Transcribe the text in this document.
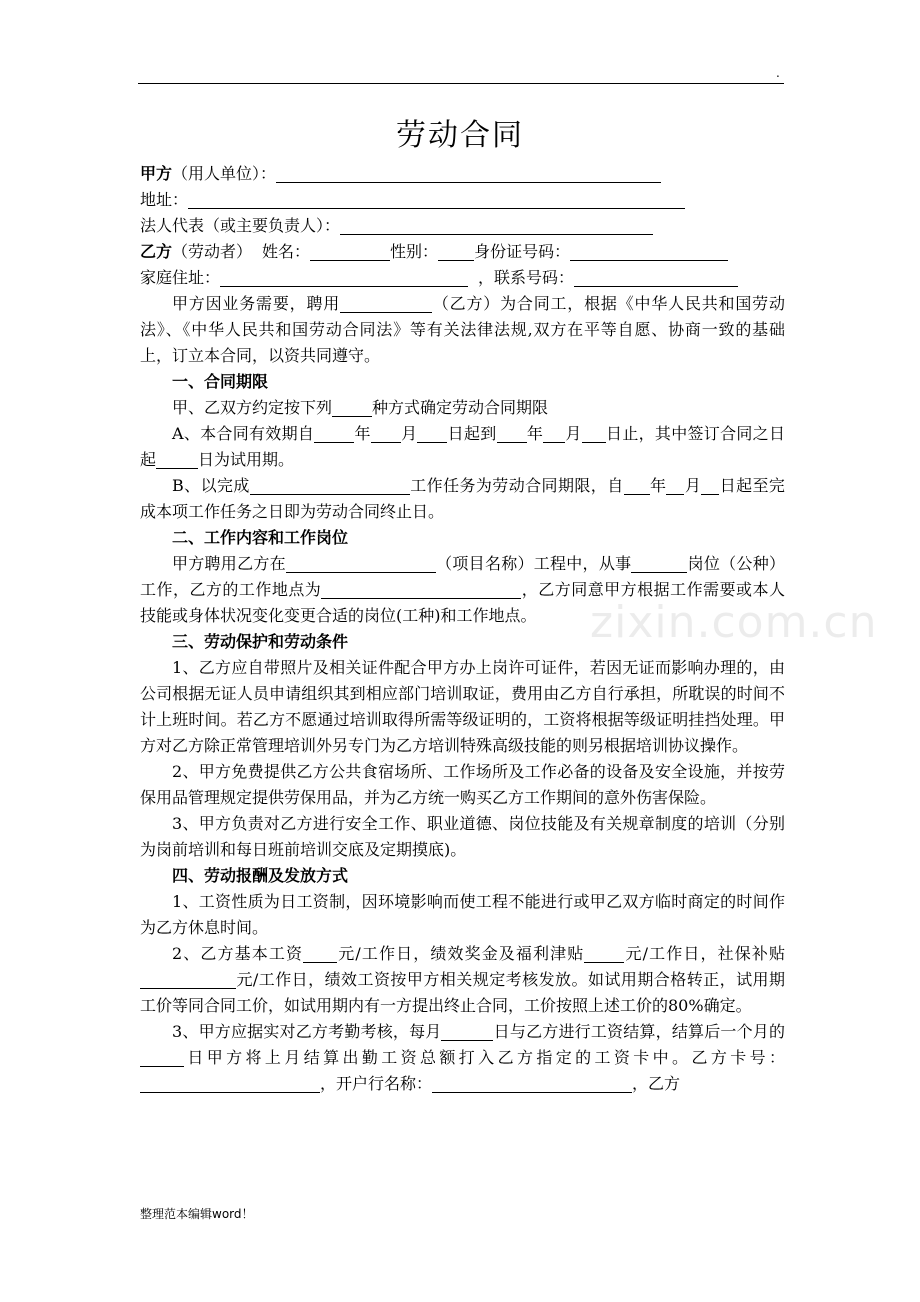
.
劳动合同
zixin.com.cn
甲方（用人单位）：
地址：
法人代表（或主要负责人）：
乙方（劳动者） 姓名：	性别： 身份证号码：
家庭住址：	，联系号码：

甲方因业务需要，聘用	（乙方）为合同工，根据《中华人民共和国劳动法》、《中华人民共和国劳动合同法》等有关法律法规,双方在平等自愿、协商一致的基础上，订立本合同，以资共同遵守。

一、合同期限

甲、乙双方约定按下列	种方式确定劳动合同期限

A、本合同有效期自	年 月 日起到 年 月 日止，其中签订合同之日起	日为试用期。

B、以完成	工作任务为劳动合同期限，自 年 月 日起至完成本项工作任务之日即为劳动合同终止日。

二、工作内容和工作岗位

甲方聘用乙方在	（项目名称）工程中，从事	岗位（公种）工作，乙方的工作地点为	，乙方同意甲方根据工作需要或本人技能或身体状况变化变更合适的岗位(工种)和工作地点。

三、劳动保护和劳动条件

1、乙方应自带照片及相关证件配合甲方办上岗许可证件，若因无证而影响办理的，由公司根据无证人员申请组织其到相应部门培训取证，费用由乙方自行承担，所耽误的时间不计上班时间。若乙方不愿通过培训取得所需等级证明的，工资将根据等级证明挂挡处理。甲方对乙方除正常管理培训外另专门为乙方培训特殊高级技能的则另根据培训协议操作。

2、甲方免费提供乙方公共食宿场所、工作场所及工作必备的设备及安全设施，并按劳保用品管理规定提供劳保用品，并为乙方统一购买乙方工作期间的意外伤害保险。

3、甲方负责对乙方进行安全工作、职业道德、岗位技能及有关规章制度的培训（分别为岗前培训和每日班前培训交底及定期摸底)。

四、劳动报酬及发放方式

1、工资性质为日工资制，因环境影响而使工程不能进行或甲乙双方临时商定的时间作为乙方休息时间。

2、乙方基本工资 元/工作日，绩效奖金及福利津贴	元/工作日，社保补贴元/工作日，绩效工资按甲方相关规定考核发放。如试用期合格转正，试用期工价等同合同工价，如试用期内有一方提出终止合同，工价按照上述工价的80%确定。

3、甲方应据实对乙方考勤考核，每月	日与乙方进行工资结算，结算后一个月的日甲方将上月结算出勤工资总额打入乙方指定的工资卡中。乙方卡号：，开户行名称：	，乙方

整理范本编辑word！
